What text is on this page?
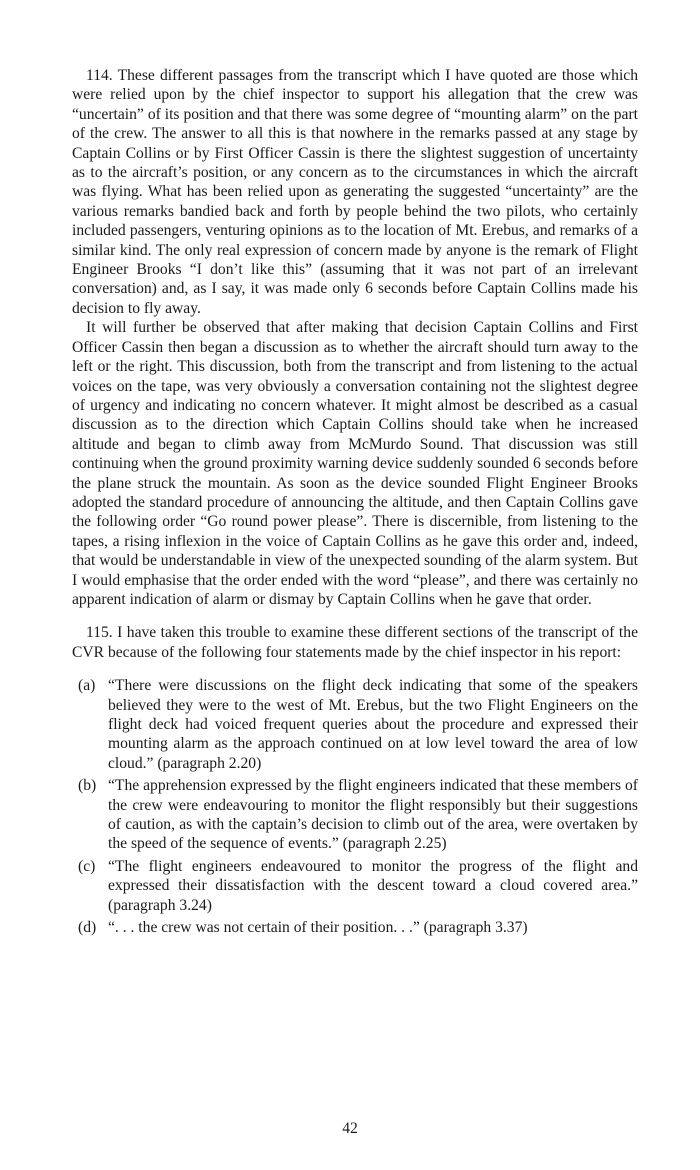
114. These different passages from the transcript which I have quoted are those which were relied upon by the chief inspector to support his allegation that the crew was “uncertain” of its position and that there was some degree of “mounting alarm” on the part of the crew. The answer to all this is that nowhere in the remarks passed at any stage by Captain Collins or by First Officer Cassin is there the slightest suggestion of uncertainty as to the aircraft’s position, or any concern as to the circumstances in which the aircraft was flying. What has been relied upon as generating the suggested “uncertainty” are the various remarks bandied back and forth by people behind the two pilots, who certainly included passengers, venturing opinions as to the location of Mt. Erebus, and remarks of a similar kind. The only real expression of concern made by anyone is the remark of Flight Engineer Brooks “I don’t like this” (assuming that it was not part of an irrelevant conversation) and, as I say, it was made only 6 seconds before Captain Collins made his decision to fly away.

It will further be observed that after making that decision Captain Collins and First Officer Cassin then began a discussion as to whether the aircraft should turn away to the left or the right. This discussion, both from the transcript and from listening to the actual voices on the tape, was very obviously a conversation containing not the slightest degree of urgency and indicating no concern whatever. It might almost be described as a casual discussion as to the direction which Captain Collins should take when he increased altitude and began to climb away from McMurdo Sound. That discussion was still continuing when the ground proximity warning device suddenly sounded 6 seconds before the plane struck the mountain. As soon as the device sounded Flight Engineer Brooks adopted the standard procedure of announcing the altitude, and then Captain Collins gave the following order “Go round power please”. There is discernible, from listening to the tapes, a rising inflexion in the voice of Captain Collins as he gave this order and, indeed, that would be understandable in view of the unexpected sounding of the alarm system. But I would emphasise that the order ended with the word “please”, and there was certainly no apparent indication of alarm or dismay by Captain Collins when he gave that order.

115. I have taken this trouble to examine these different sections of the transcript of the CVR because of the following four statements made by the chief inspector in his report:

(a) “There were discussions on the flight deck indicating that some of the speakers believed they were to the west of Mt. Erebus, but the two Flight Engineers on the flight deck had voiced frequent queries about the procedure and expressed their mounting alarm as the approach continued on at low level toward the area of low cloud.” (paragraph 2.20)
(b) “The apprehension expressed by the flight engineers indicated that these members of the crew were endeavouring to monitor the flight responsibly but their suggestions of caution, as with the captain’s decision to climb out of the area, were overtaken by the speed of the sequence of events.” (paragraph 2.25)
(c) “The flight engineers endeavoured to monitor the progress of the flight and expressed their dissatisfaction with the descent toward a cloud covered area.” (paragraph 3.24)
(d) “. . . the crew was not certain of their position. . .” (paragraph 3.37)
42
